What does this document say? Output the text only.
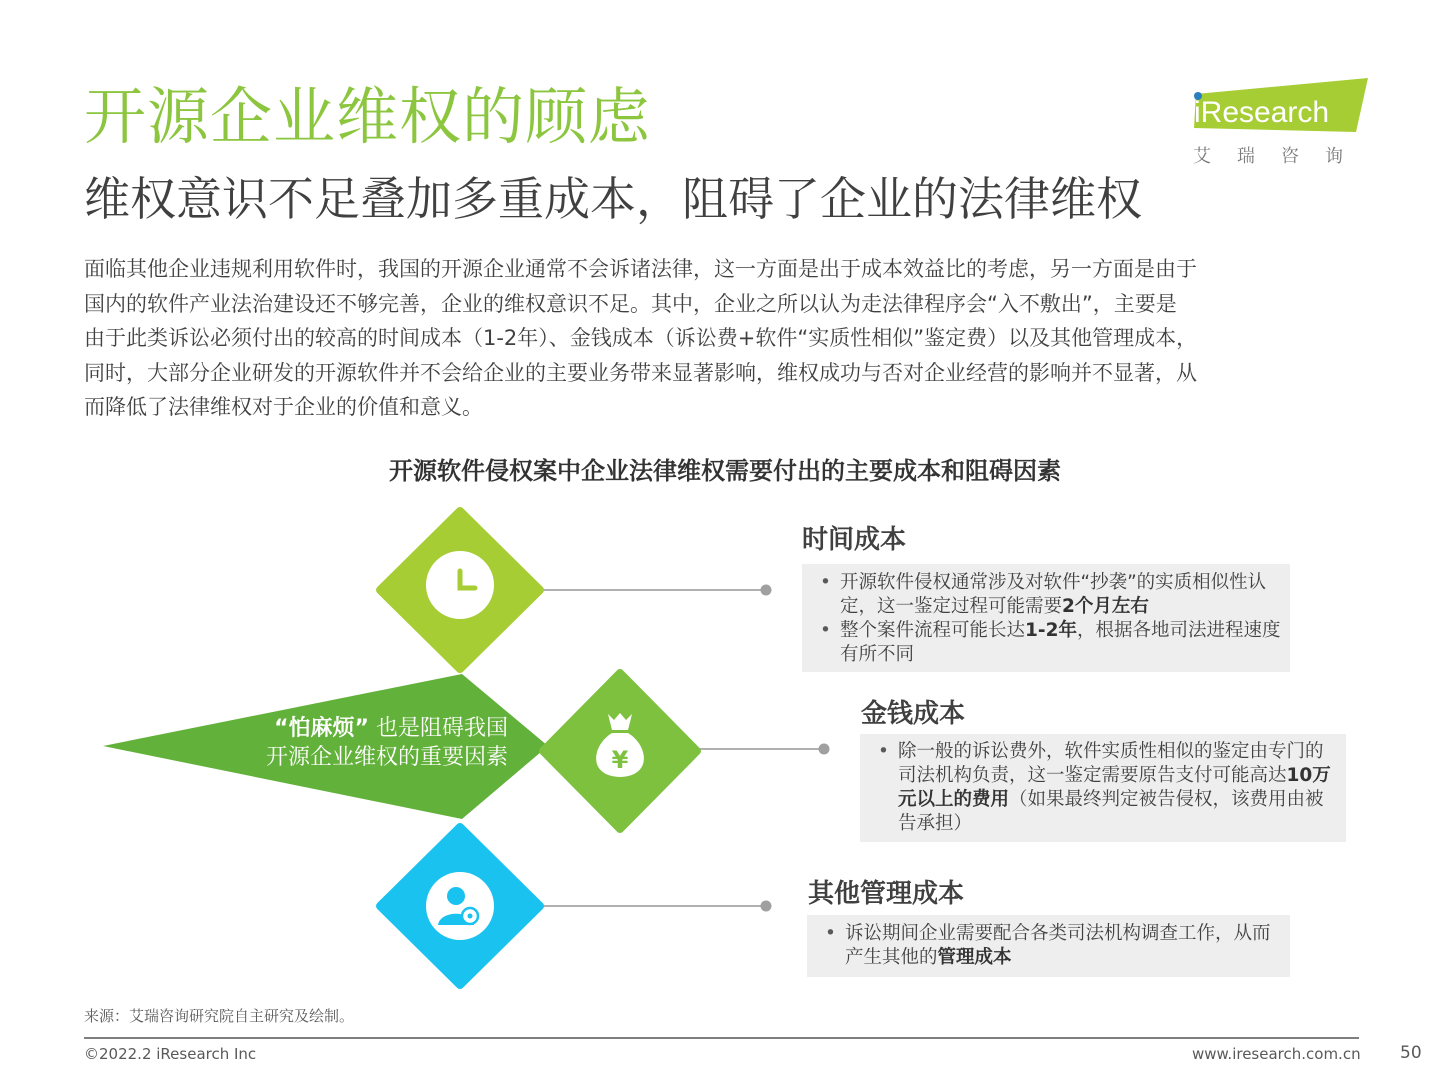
开源企业维权的顾虑
维权意识不足叠加多重成本，阻碍了企业的法律维权
iResearch
艾瑞咨询

面临其他企业违规利用软件时，我国的开源企业通常不会诉诸法律，这一方面是出于成本效益比的考虑，另一方面是由于

国内的软件产业法治建设还不够完善，企业的维权意识不足。其中，企业之所以认为走法律程序会“入不敷出”，主要是

由于此类诉讼必须付出的较高的时间成本（1-2年）、金钱成本（诉讼费+软件“实质性相似”鉴定费）以及其他管理成本，

同时，大部分企业研发的开源软件并不会给企业的主要业务带来显著影响，维权成功与否对企业经营的影响并不显著，从

而降低了法律维权对于企业的价值和意义。

开源软件侵权案中企业法律维权需要付出的主要成本和阻碍因素
¥
“怕麻烦” 也是阻碍我国
开源企业维权的重要因素
时间成本
• 开源软件侵权通常涉及对软件“抄袭”的实质相似性认定，这一鉴定过程可能需要2个月左右
• 整个案件流程可能长达1-2年，根据各地司法进程速度有所不同
金钱成本
• 除一般的诉讼费外，软件实质性相似的鉴定由专门的司法机构负责，这一鉴定需要原告支付可能高达10万元以上的费用（如果最终判定被告侵权，该费用由被告承担）
其他管理成本
• 诉讼期间企业需要配合各类司法机构调查工作，从而产生其他的管理成本
来源：艾瑞咨询研究院自主研究及绘制。
©2022.2 iResearch Inc	www.iresearch.com.cn 50
